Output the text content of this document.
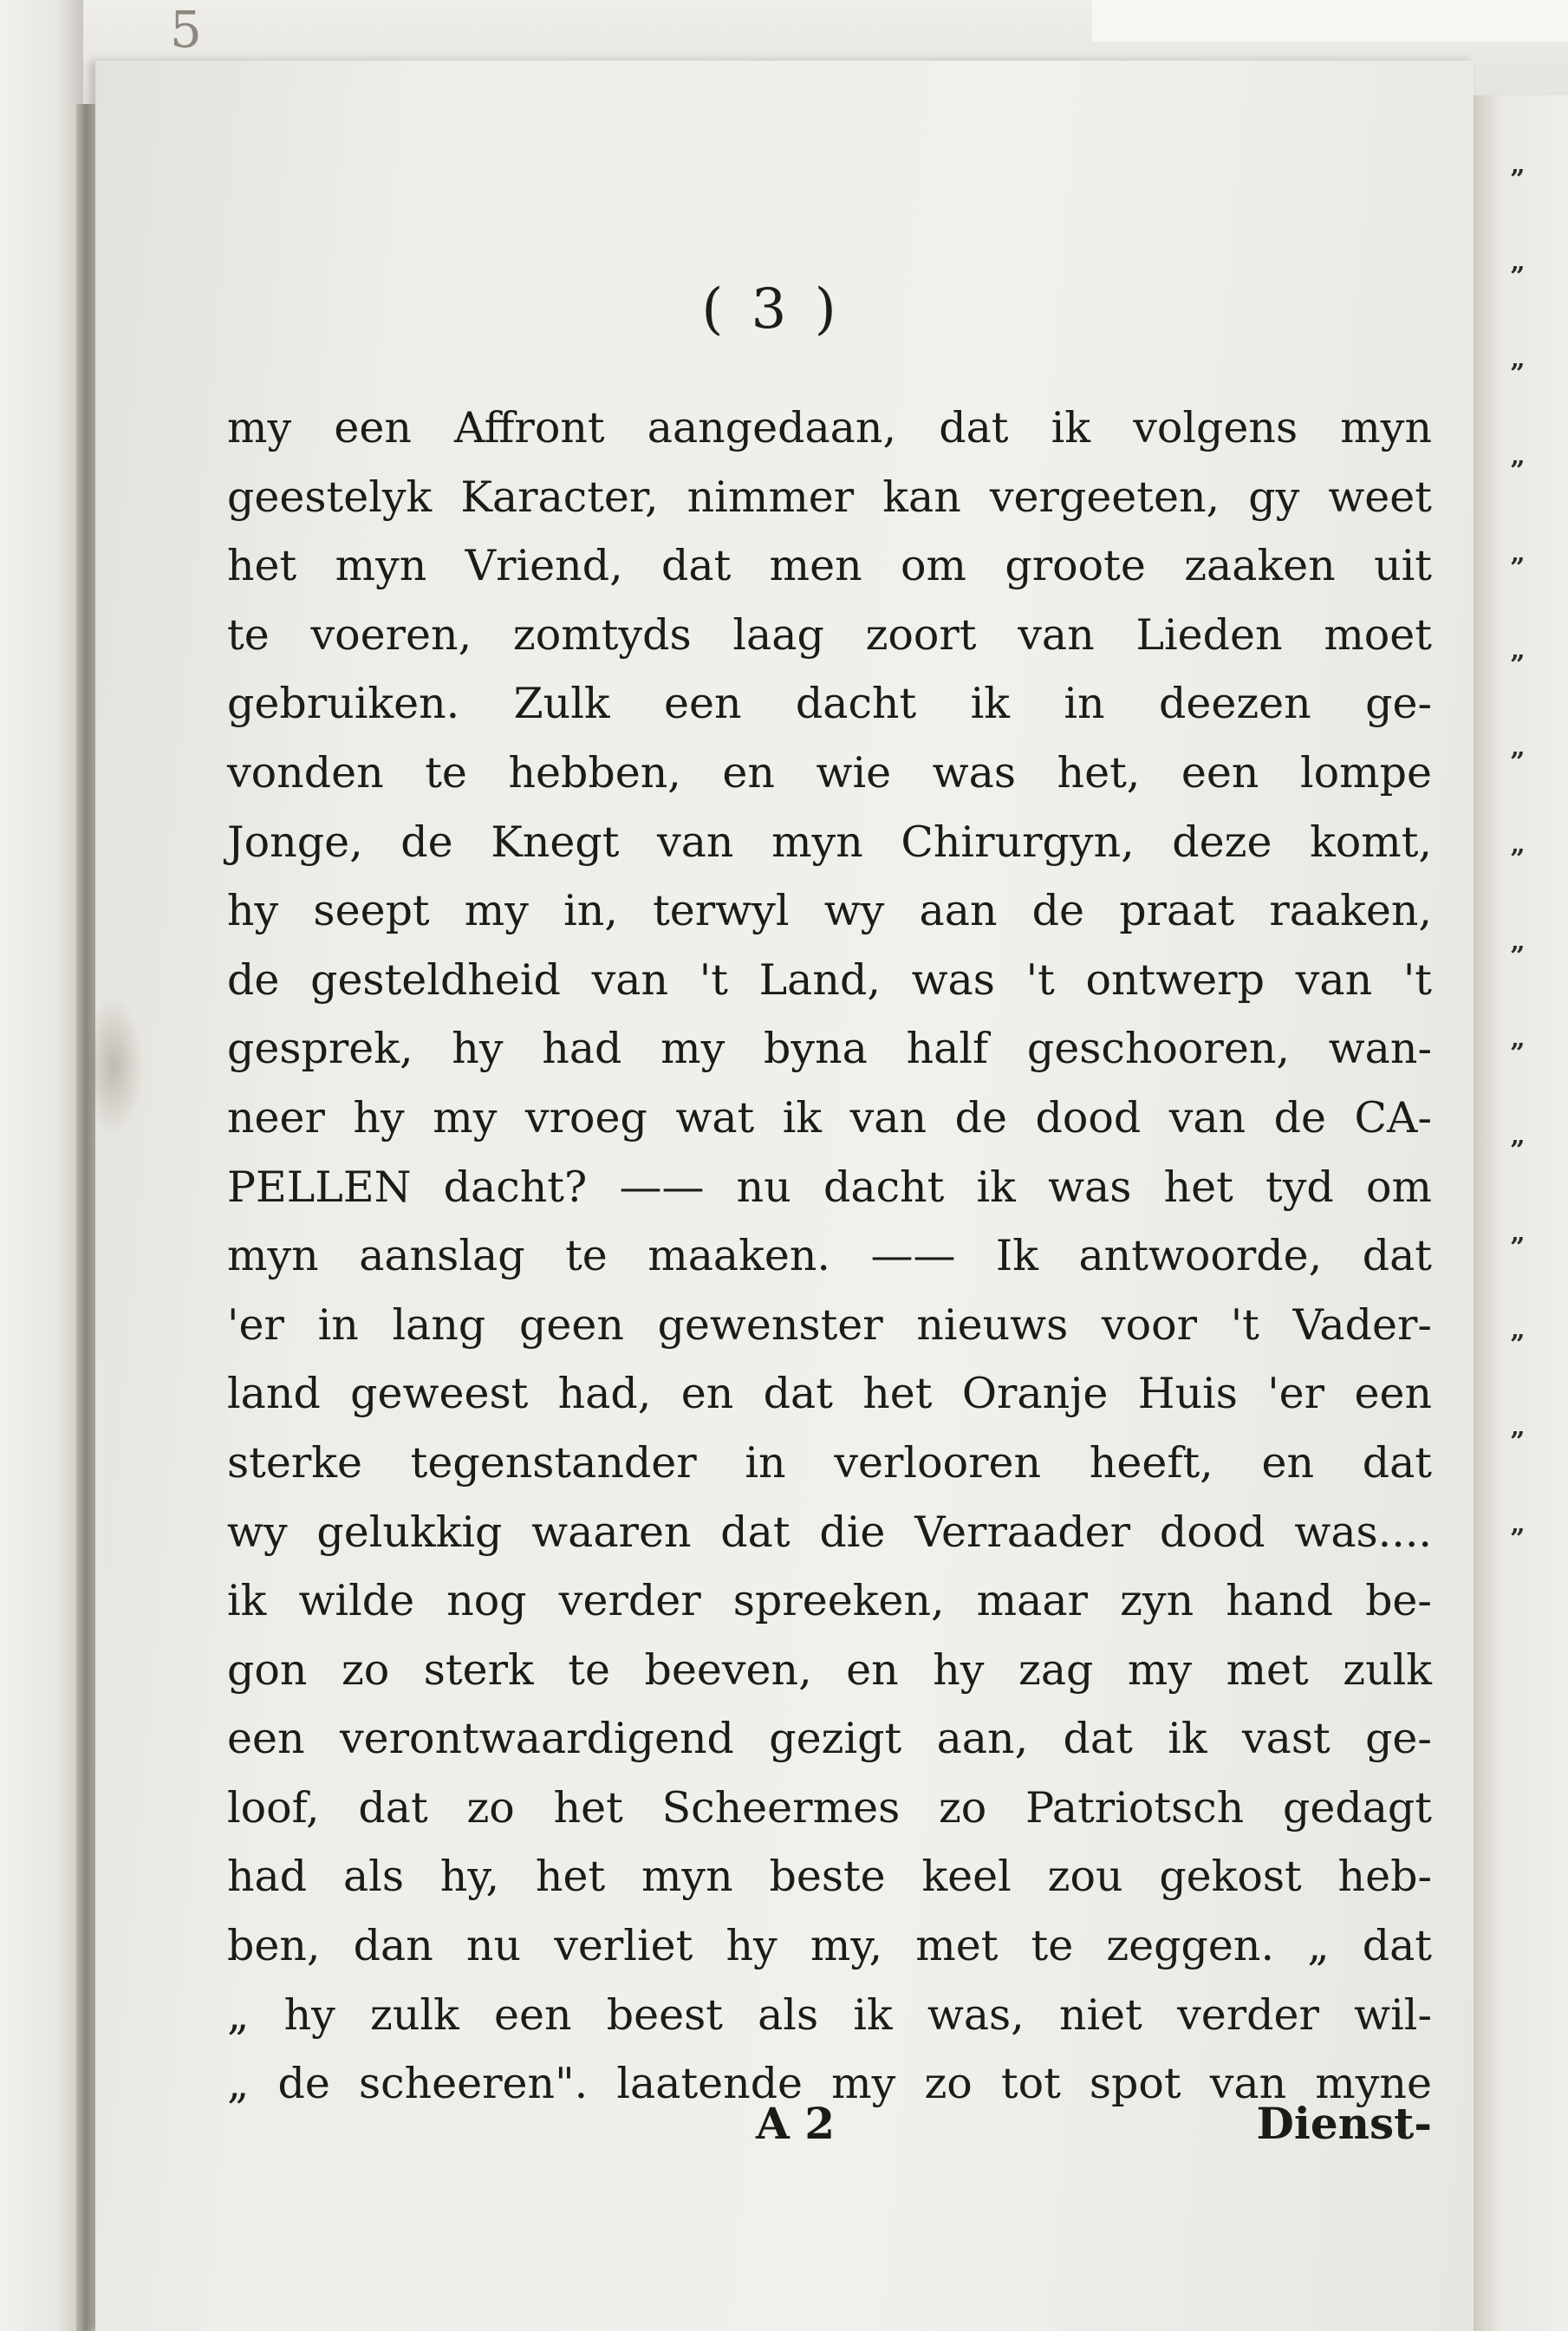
5
”
”
”
”
”
”
”
”
”
”
”
”
”
”
”
( 3 )
my een Affront aangedaan, dat ik volgens myn
geestelyk Karacter, nimmer kan vergeeten, gy weet
het myn Vriend, dat men om groote zaaken uit
te voeren, zomtyds laag zoort van Lieden moet
gebruiken. Zulk een dacht ik in deezen ge-
vonden te hebben, en wie was het, een lompe
Jonge, de Knegt van myn Chirurgyn, deze komt,
hy seept my in, terwyl wy aan de praat raaken,
de gesteldheid van 't Land, was 't ontwerp van 't
gesprek, hy had my byna half geschooren, wan-
neer hy my vroeg wat ik van de dood van de CA-
PELLEN dacht? —— nu dacht ik was het tyd om
myn aanslag te maaken. —— Ik antwoorde, dat
'er in lang geen gewenster nieuws voor 't Vader-
land geweest had, en dat het Oranje Huis 'er een
sterke tegenstander in verlooren heeft, en dat
wy gelukkig waaren dat die Verraader dood was....
ik wilde nog verder spreeken, maar zyn hand be-
gon zo sterk te beeven, en hy zag my met zulk
een verontwaardigend gezigt aan, dat ik vast ge-
loof, dat zo het Scheermes zo Patriotsch gedagt
had als hy, het myn beste keel zou gekost heb-
ben, dan nu verliet hy my, met te zeggen. „ dat
„ hy zulk een beest als ik was, niet verder wil-
„ de scheeren". laatende my zo tot spot van myne
A 2	Dienst-
